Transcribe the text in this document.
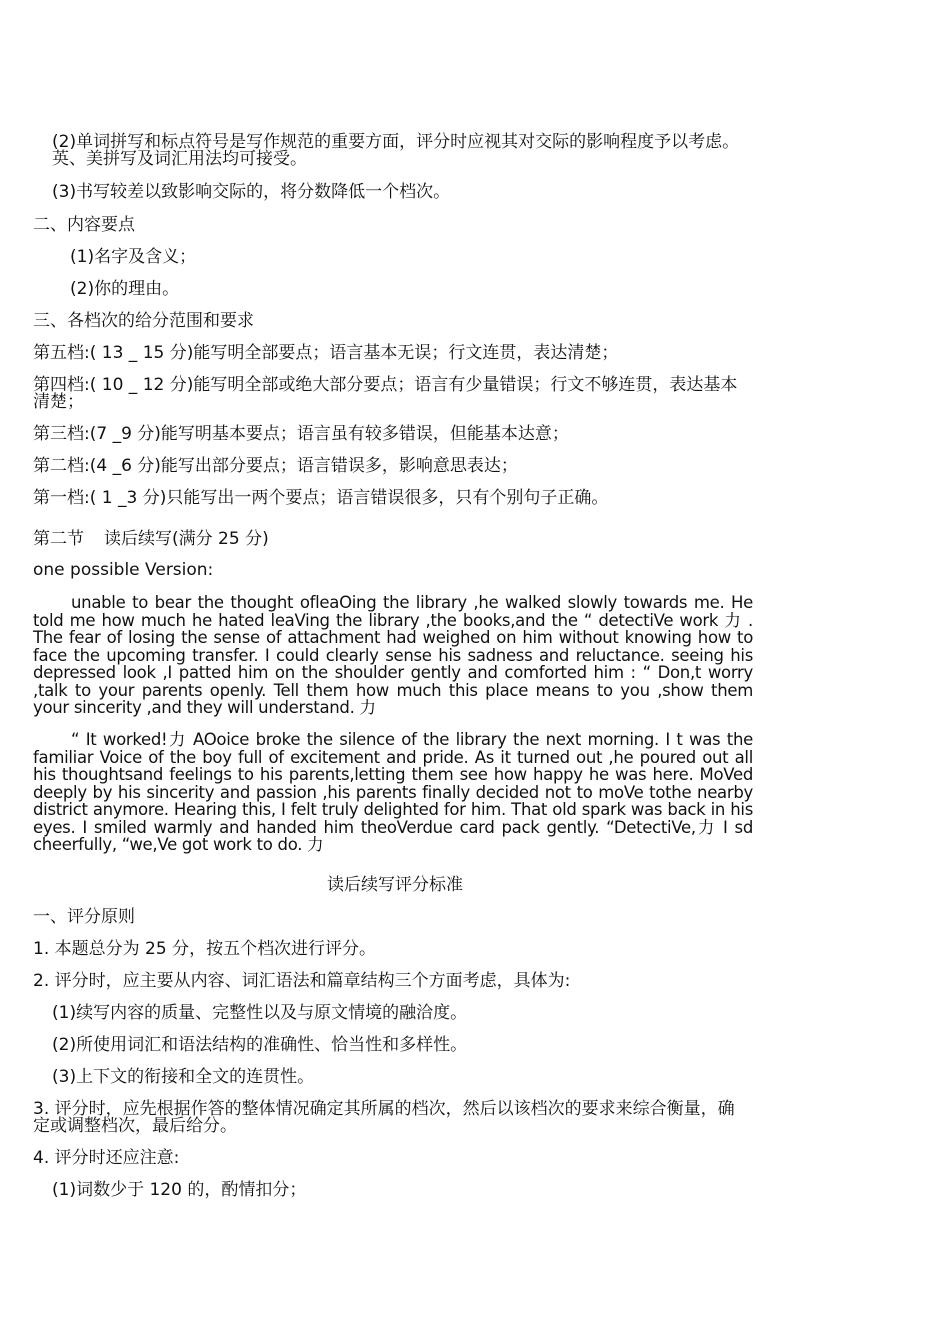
(2)单词拼写和标点符号是写作规范的重要方面，评分时应视其对交际的影响程度予以考虑。英、美拼写及词汇用法均可接受。
(3)书写较差以致影响交际的，将分数降低一个档次。
二、内容要点
(1)名字及含义；
(2)你的理由。
三、各档次的给分范围和要求
第五档:( 13 _ 15 分)能写明全部要点；语言基本无误；行文连贯，表达清楚；
第四档:( 10 _ 12 分)能写明全部或绝大部分要点；语言有少量错误；行文不够连贯，表达基本清楚；
第三档:(7 _9 分)能写明基本要点；语言虽有较多错误，但能基本达意；
第二档:(4 _6 分)能写出部分要点；语言错误多，影响意思表达；
第一档:( 1 _3 分)只能写出一两个要点；语言错误很多，只有个别句子正确。
第二节 读后续写(满分 25 分)
one possible Version:
unable to bear the thought ofleaOing the library ,he walked slowly towards me. He told me how much he hated leaVing the library ,the books,and the “ detectiVe work 力 . The fear of losing the sense of attachment had weighed on him without knowing how to face the upcoming transfer. I could clearly sense his sadness and reluctance. seeing his depressed look ,I patted him on the shoulder gently and comforted him : “ Don,t worry ,talk to your parents openly. Tell them how much this place means to you ,show them your sincerity ,and they will understand. 力
“ It worked!力 AOoice broke the silence of the library the next morning. I t was the familiar Voice of the boy full of excitement and pride. As it turned out ,he poured out all his thoughtsand feelings to his parents,letting them see how happy he was here. MoVed deeply by his sincerity and passion ,his parents finally decided not to moVe tothe nearby district anymore. Hearing this, I felt truly delighted for him. That old spark was back in his eyes. I smiled warmly and handed him theoVerdue card pack gently. “DetectiVe,力 I sd cheerfully, “we,Ve got work to do. 力
读后续写评分标准
一、评分原则
1. 本题总分为 25 分，按五个档次进行评分。
2. 评分时，应主要从内容、词汇语法和篇章结构三个方面考虑，具体为:
(1)续写内容的质量、完整性以及与原文情境的融洽度。
(2)所使用词汇和语法结构的准确性、恰当性和多样性。
(3)上下文的衔接和全文的连贯性。
3. 评分时，应先根据作答的整体情况确定其所属的档次，然后以该档次的要求来综合衡量，确定或调整档次，最后给分。
4. 评分时还应注意:
(1)词数少于 120 的，酌情扣分；
